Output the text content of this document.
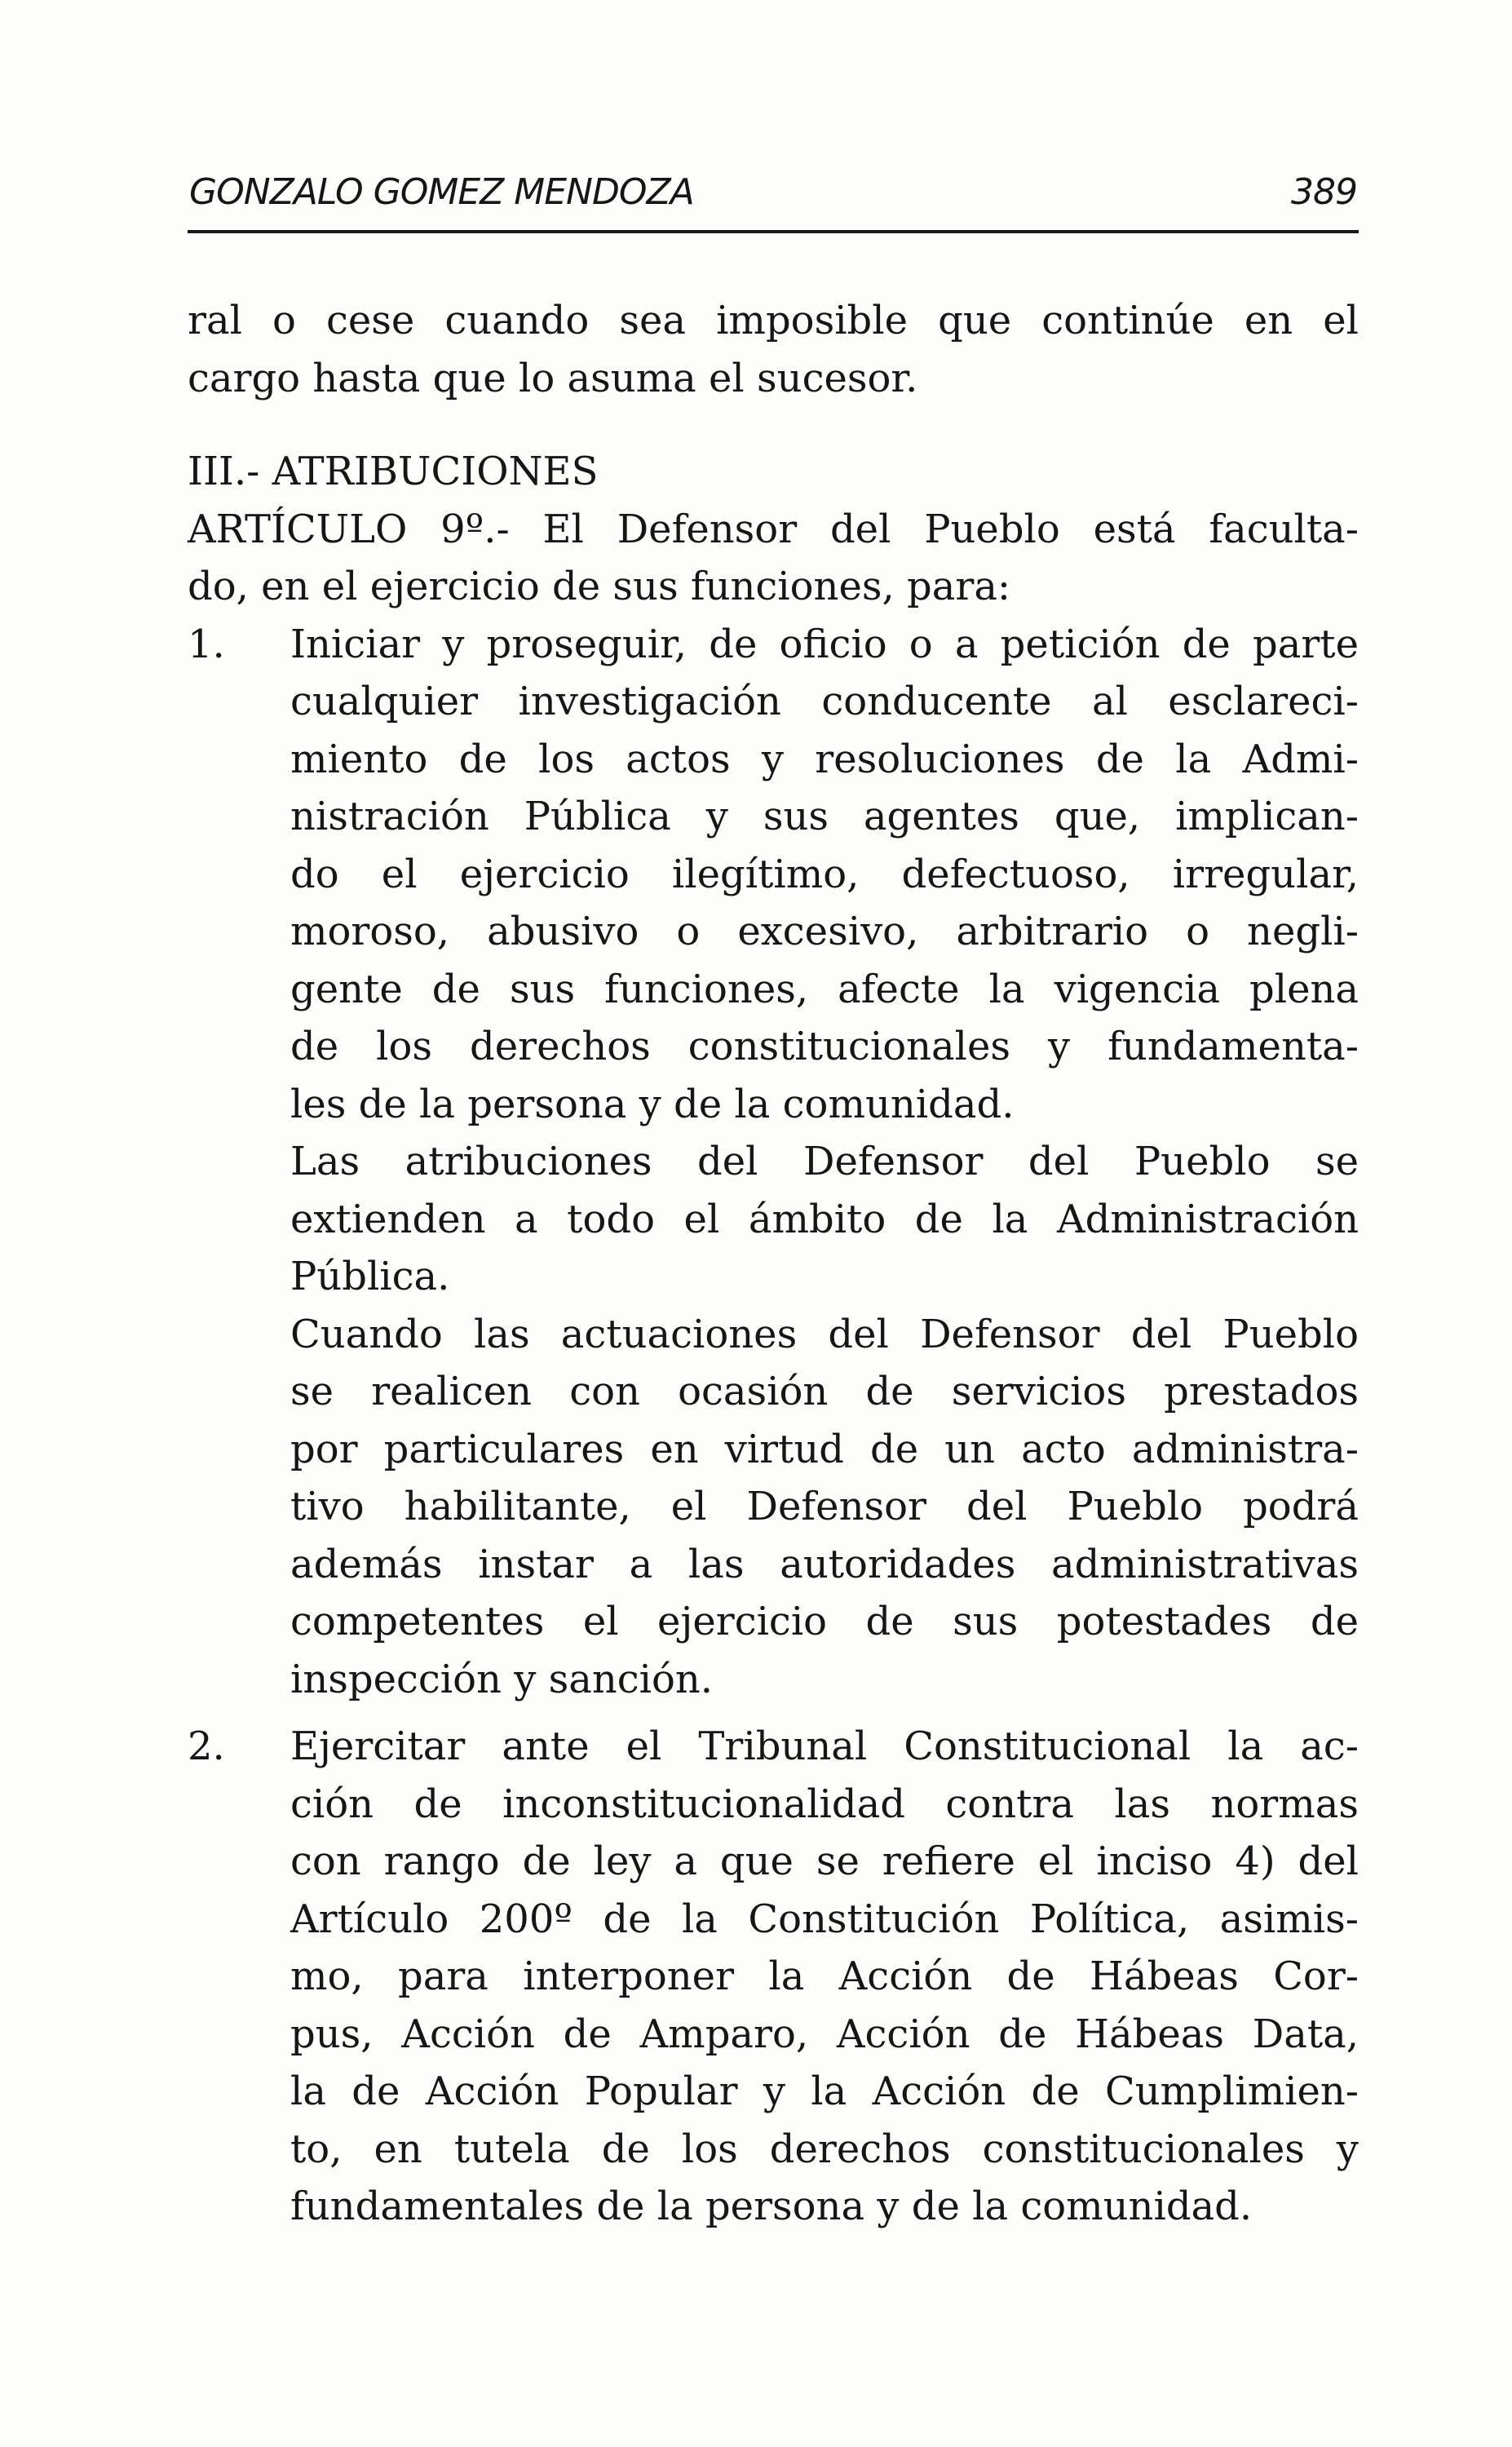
GONZALO GOMEZ MENDOZA	389

ral o cese cuando sea imposible que continúe en el
cargo hasta que lo asuma el sucesor.

III.- ATRIBUCIONES

ARTÍCULO 9º.- El Defensor del Pueblo está faculta-
do, en el ejercicio de sus funciones, para:

1.	Iniciar y proseguir, de oficio o a petición de parte
cualquier investigación conducente al esclareci-
miento de los actos y resoluciones de la Admi-
nistración Pública y sus agentes que, implican-
do el ejercicio ilegítimo, defectuoso, irregular,
moroso, abusivo o excesivo, arbitrario o negli-
gente de sus funciones, afecte la vigencia plena
de los derechos constitucionales y fundamenta-
les de la persona y de la comunidad.

Las atribuciones del Defensor del Pueblo se
extienden a todo el ámbito de la Administración
Pública.

Cuando las actuaciones del Defensor del Pueblo
se realicen con ocasión de servicios prestados
por particulares en virtud de un acto administra-
tivo habilitante, el Defensor del Pueblo podrá
además instar a las autoridades administrativas
competentes el ejercicio de sus potestades de
inspección y sanción.

2.	Ejercitar ante el Tribunal Constitucional la ac-
ción de inconstitucionalidad contra las normas
con rango de ley a que se refiere el inciso 4) del
Artículo 200º de la Constitución Política, asimis-
mo, para interponer la Acción de Hábeas Cor-
pus, Acción de Amparo, Acción de Hábeas Data,
la de Acción Popular y la Acción de Cumplimien-
to, en tutela de los derechos constitucionales y
fundamentales de la persona y de la comunidad.
